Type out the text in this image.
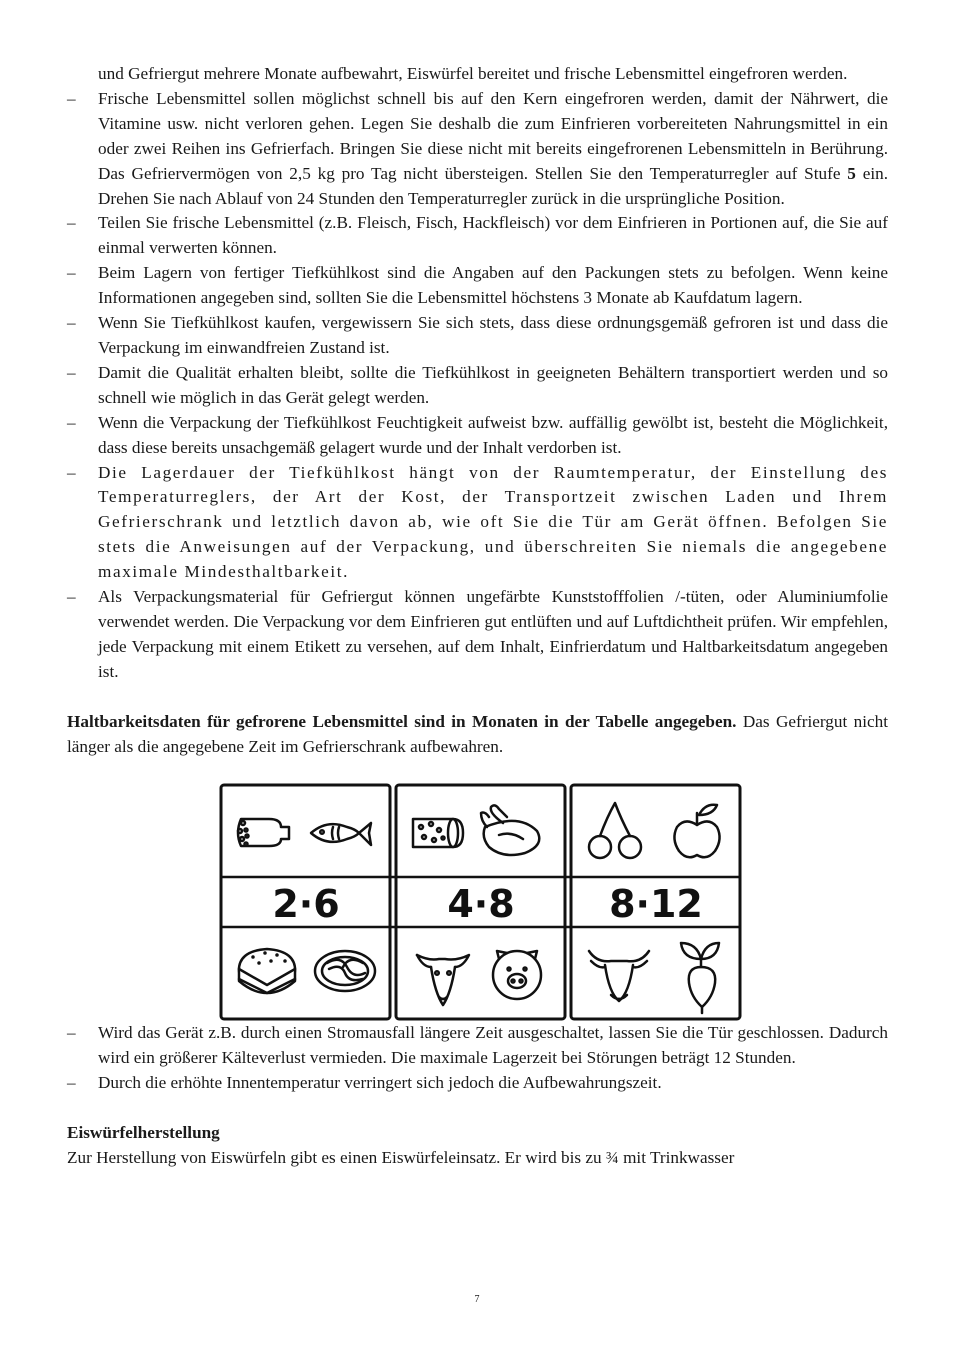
und Gefriergut mehrere Monate aufbewahrt, Eiswürfel bereitet und frische Lebensmittel eingefroren werden.
– Frische Lebensmittel sollen möglichst schnell bis auf den Kern eingefroren werden, damit der Nährwert, die Vitamine usw. nicht verloren gehen. Legen Sie deshalb die zum Einfrieren vorbereiteten Nahrungsmittel in ein oder zwei Reihen ins Gefrierfach. Bringen Sie diese nicht mit bereits eingefrorenen Lebensmitteln in Berührung. Das Gefriervermögen von 2,5 kg pro Tag nicht übersteigen. Stellen Sie den Temperaturregler auf Stufe 5 ein. Drehen Sie nach Ablauf von 24 Stunden den Temperaturregler zurück in die ursprüngliche Position.
– Teilen Sie frische Lebensmittel (z.B. Fleisch, Fisch, Hackfleisch) vor dem Einfrieren in Portionen auf, die Sie auf einmal verwerten können.
– Beim Lagern von fertiger Tiefkühlkost sind die Angaben auf den Packungen stets zu befolgen. Wenn keine Informationen angegeben sind, sollten Sie die Lebensmittel höchstens 3 Monate ab Kaufdatum lagern.
– Wenn Sie Tiefkühlkost kaufen, vergewissern Sie sich stets, dass diese ordnungsgemäß gefroren ist und dass die Verpackung im einwandfreien Zustand ist.
– Damit die Qualität erhalten bleibt, sollte die Tiefkühlkost in geeigneten Behältern transportiert werden und so schnell wie möglich in das Gerät gelegt werden.
– Wenn die Verpackung der Tiefkühlkost Feuchtigkeit aufweist bzw. auffällig gewölbt ist, besteht die Möglichkeit, dass diese bereits unsachgemäß gelagert wurde und der Inhalt verdorben ist.
– Die Lagerdauer der Tiefkühlkost hängt von der Raumtemperatur, der Einstellung des Temperaturreglers, der Art der Kost, der Transportzeit zwischen Laden und Ihrem Gefrierschrank und letztlich davon ab, wie oft Sie die Tür am Gerät öffnen. Befolgen Sie stets die Anweisungen auf der Verpackung, und überschreiten Sie niemals die angegebene maximale Mindesthaltbarkeit.
– Als Verpackungsmaterial für Gefriergut können ungefärbte Kunststofffolien /-tüten, oder Aluminiumfolie verwendet werden. Die Verpackung vor dem Einfrieren gut entlüften und auf Luftdichtheit prüfen. Wir empfehlen, jede Verpackung mit einem Etikett zu versehen, auf dem Inhalt, Einfrierdatum und Haltbarkeitsdatum angegeben ist.

Haltbarkeitsdaten für gefrorene Lebensmittel sind in Monaten in der Tabelle angegeben. Das Gefriergut nicht länger als die angegebene Zeit im Gefrierschrank aufbewahren.

2·6	4·8 8·12
– Wird das Gerät z.B. durch einen Stromausfall längere Zeit ausgeschaltet, lassen Sie die Tür geschlossen. Dadurch wird ein größerer Kälteverlust vermieden. Die maximale Lagerzeit bei Störungen beträgt 12 Stunden.
– Durch die erhöhte Innentemperatur verringert sich jedoch die Aufbewahrungszeit.
Eiswürfelherstellung
Zur Herstellung von Eiswürfeln gibt es einen Eiswürfeleinsatz. Er wird bis zu ¾ mit Trinkwasser
7
